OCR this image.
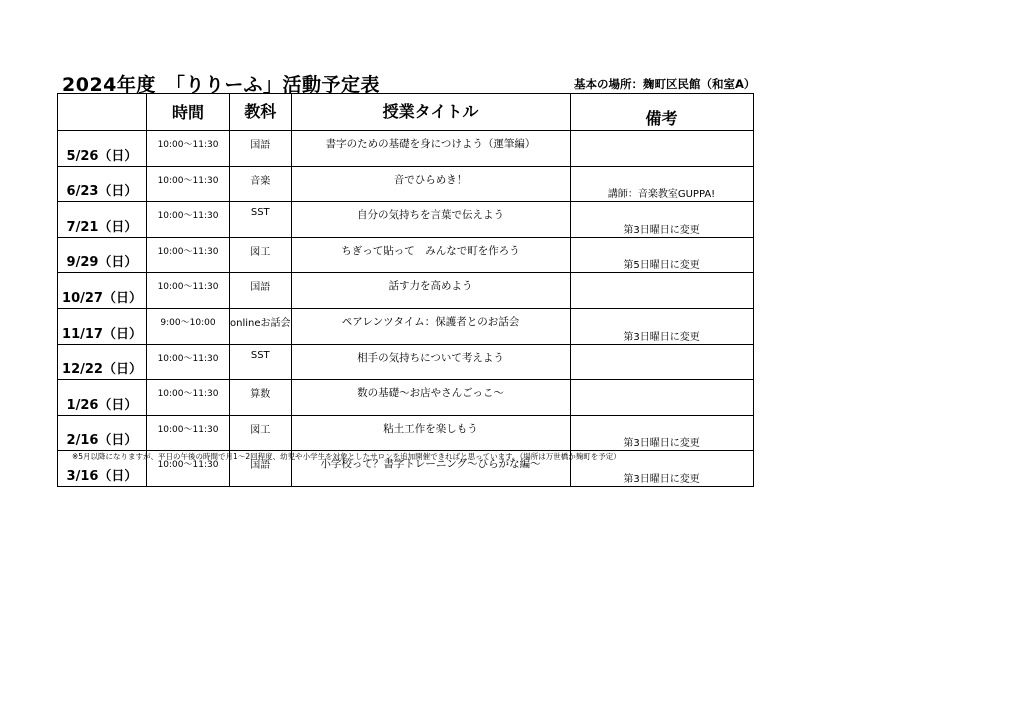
2024年度　「りりーふ」活動予定表	基本の場所：麹町区民館（和室A）
	時間	教科	授業タイトル	備考
5/26（日）	10:00～11:30	国語	書字のための基礎を身につけよう（運筆編）	
6/23（日）	10:00～11:30	音楽	音でひらめき！	講師：音楽教室GUPPA!
7/21（日）	10:00～11:30	SST	自分の気持ちを言葉で伝えよう	第3日曜日に変更
9/29（日）	10:00～11:30	図工	ちぎって貼って　みんなで町を作ろう	第5日曜日に変更
10/27（日）	10:00～11:30	国語	話す力を高めよう	
11/17（日）	9:00～10:00	onlineお話会	ペアレンツタイム：保護者とのお話会	第3日曜日に変更
12/22（日）	10:00～11:30	SST	相手の気持ちについて考えよう	
1/26（日）	10:00～11:30	算数	数の基礎～お店やさんごっこ～	
2/16（日）	10:00～11:30	図工	粘土工作を楽しもう	第3日曜日に変更
3/16（日）	10:00～11:30	国語	小学校って？書字トレーニング～ひらがな編～	第3日曜日に変更
※5月以降になりますが、平日の午後の時間で月1～2回程度、幼児や小学生を対象としたサロンを追加開催できればと思っています。（場所は万世橋か麹町を予定）
